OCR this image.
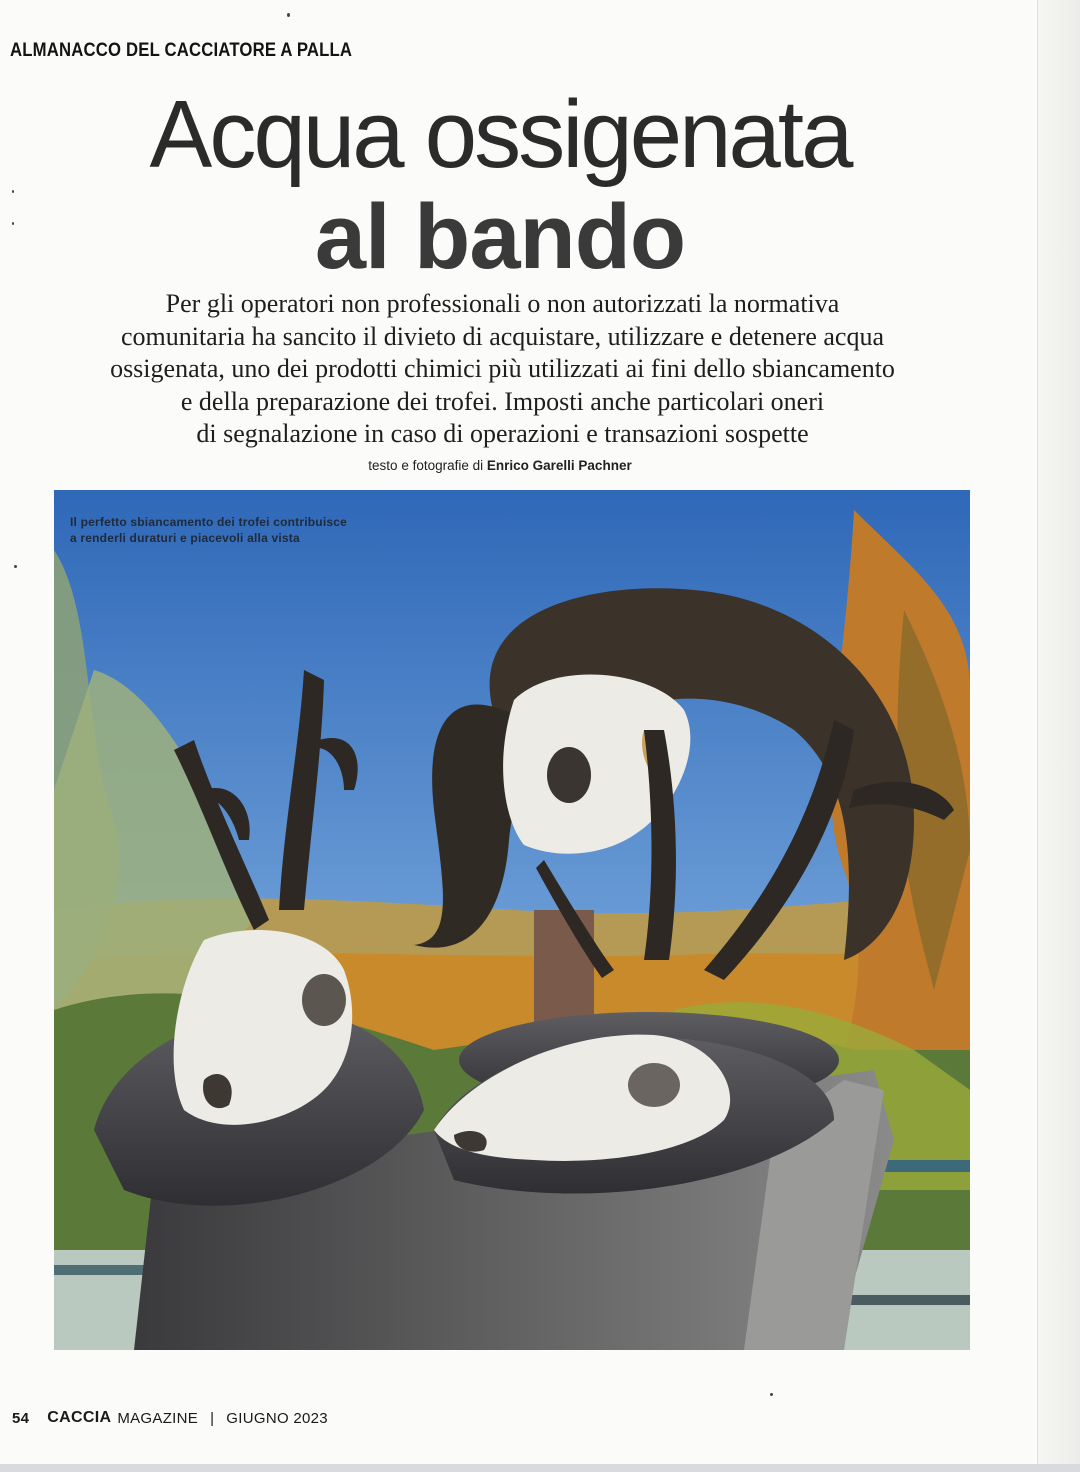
ALMANACCO DEL CACCIATORE A PALLA
Acqua ossigenata
al bando
Per gli operatori non professionali o non autorizzati la normativa
comunitaria ha sancito il divieto di acquistare, utilizzare e detenere acqua
ossigenata, uno dei prodotti chimici più utilizzati ai fini dello sbiancamento
e della preparazione dei trofei. Imposti anche particolari oneri
di segnalazione in caso di operazioni e transazioni sospette
testo e fotografie di Enrico Garelli Pachner
Il perfetto sbiancamento dei trofei contribuisce
a renderli duraturi e piacevoli alla vista
54 CACCIA MAGAZINE | GIUGNO 2023
